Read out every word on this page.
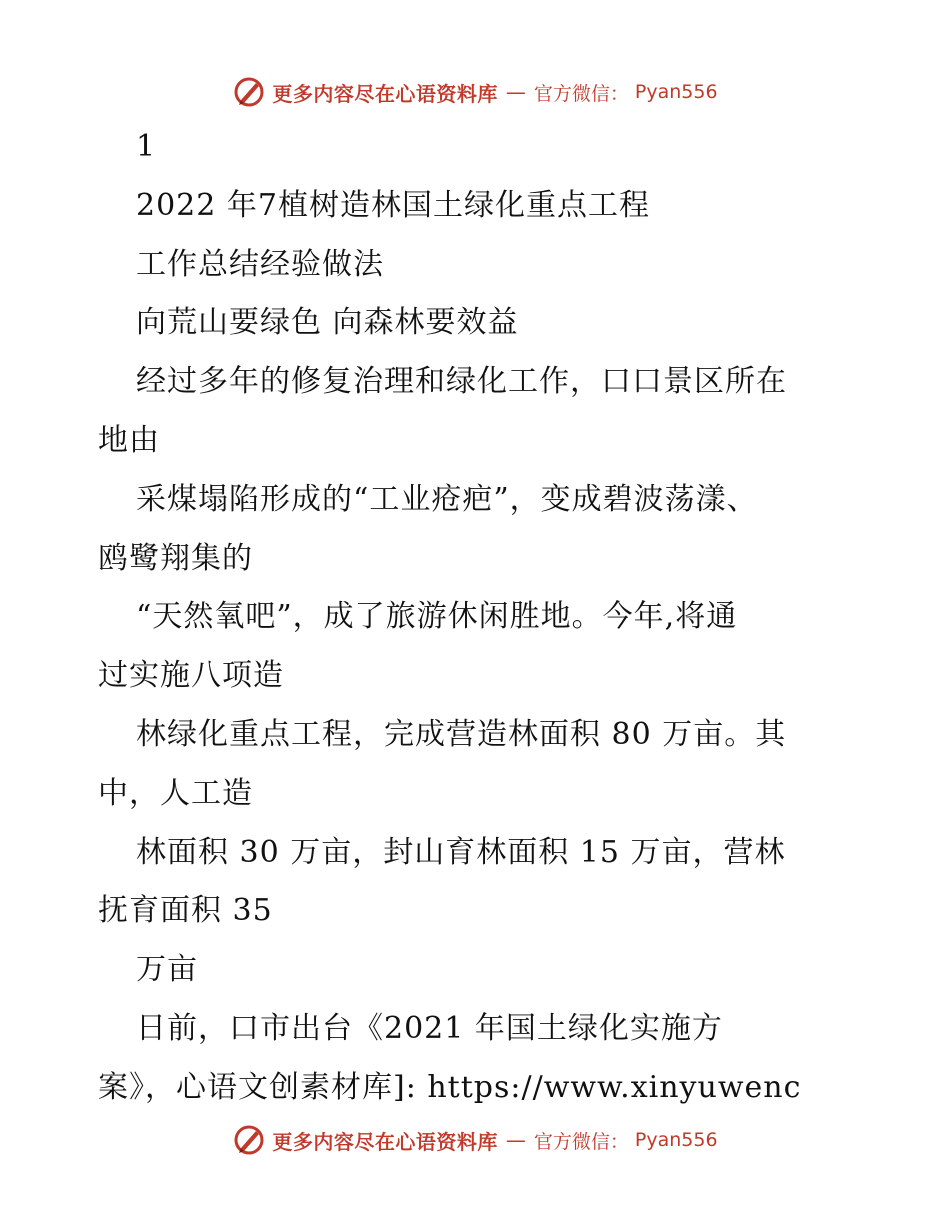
更多内容尽在心语资料库 — 官方微信： Pyan556
1
2022 年7植树造林国土绿化重点工程
工作总结经验做法
向荒山要绿色 向森林要效益
经过多年的修复治理和绿化工作，口口景区所在
地由
采煤塌陷形成的“工业疮疤”，变成碧波荡漾、
鸥鹭翔集的
“天然氧吧”，成了旅游休闲胜地。今年,将通
过实施八项造
林绿化重点工程，完成营造林面积 80 万亩。其
中，人工造
林面积 30 万亩，封山育林面积 15 万亩，营林
抚育面积 35
万亩
日前，口市出台《2021 年国土绿化实施方
案》，心语文创素材库]: https://www.xinyuwenc
更多内容尽在心语资料库 — 官方微信： Pyan556
